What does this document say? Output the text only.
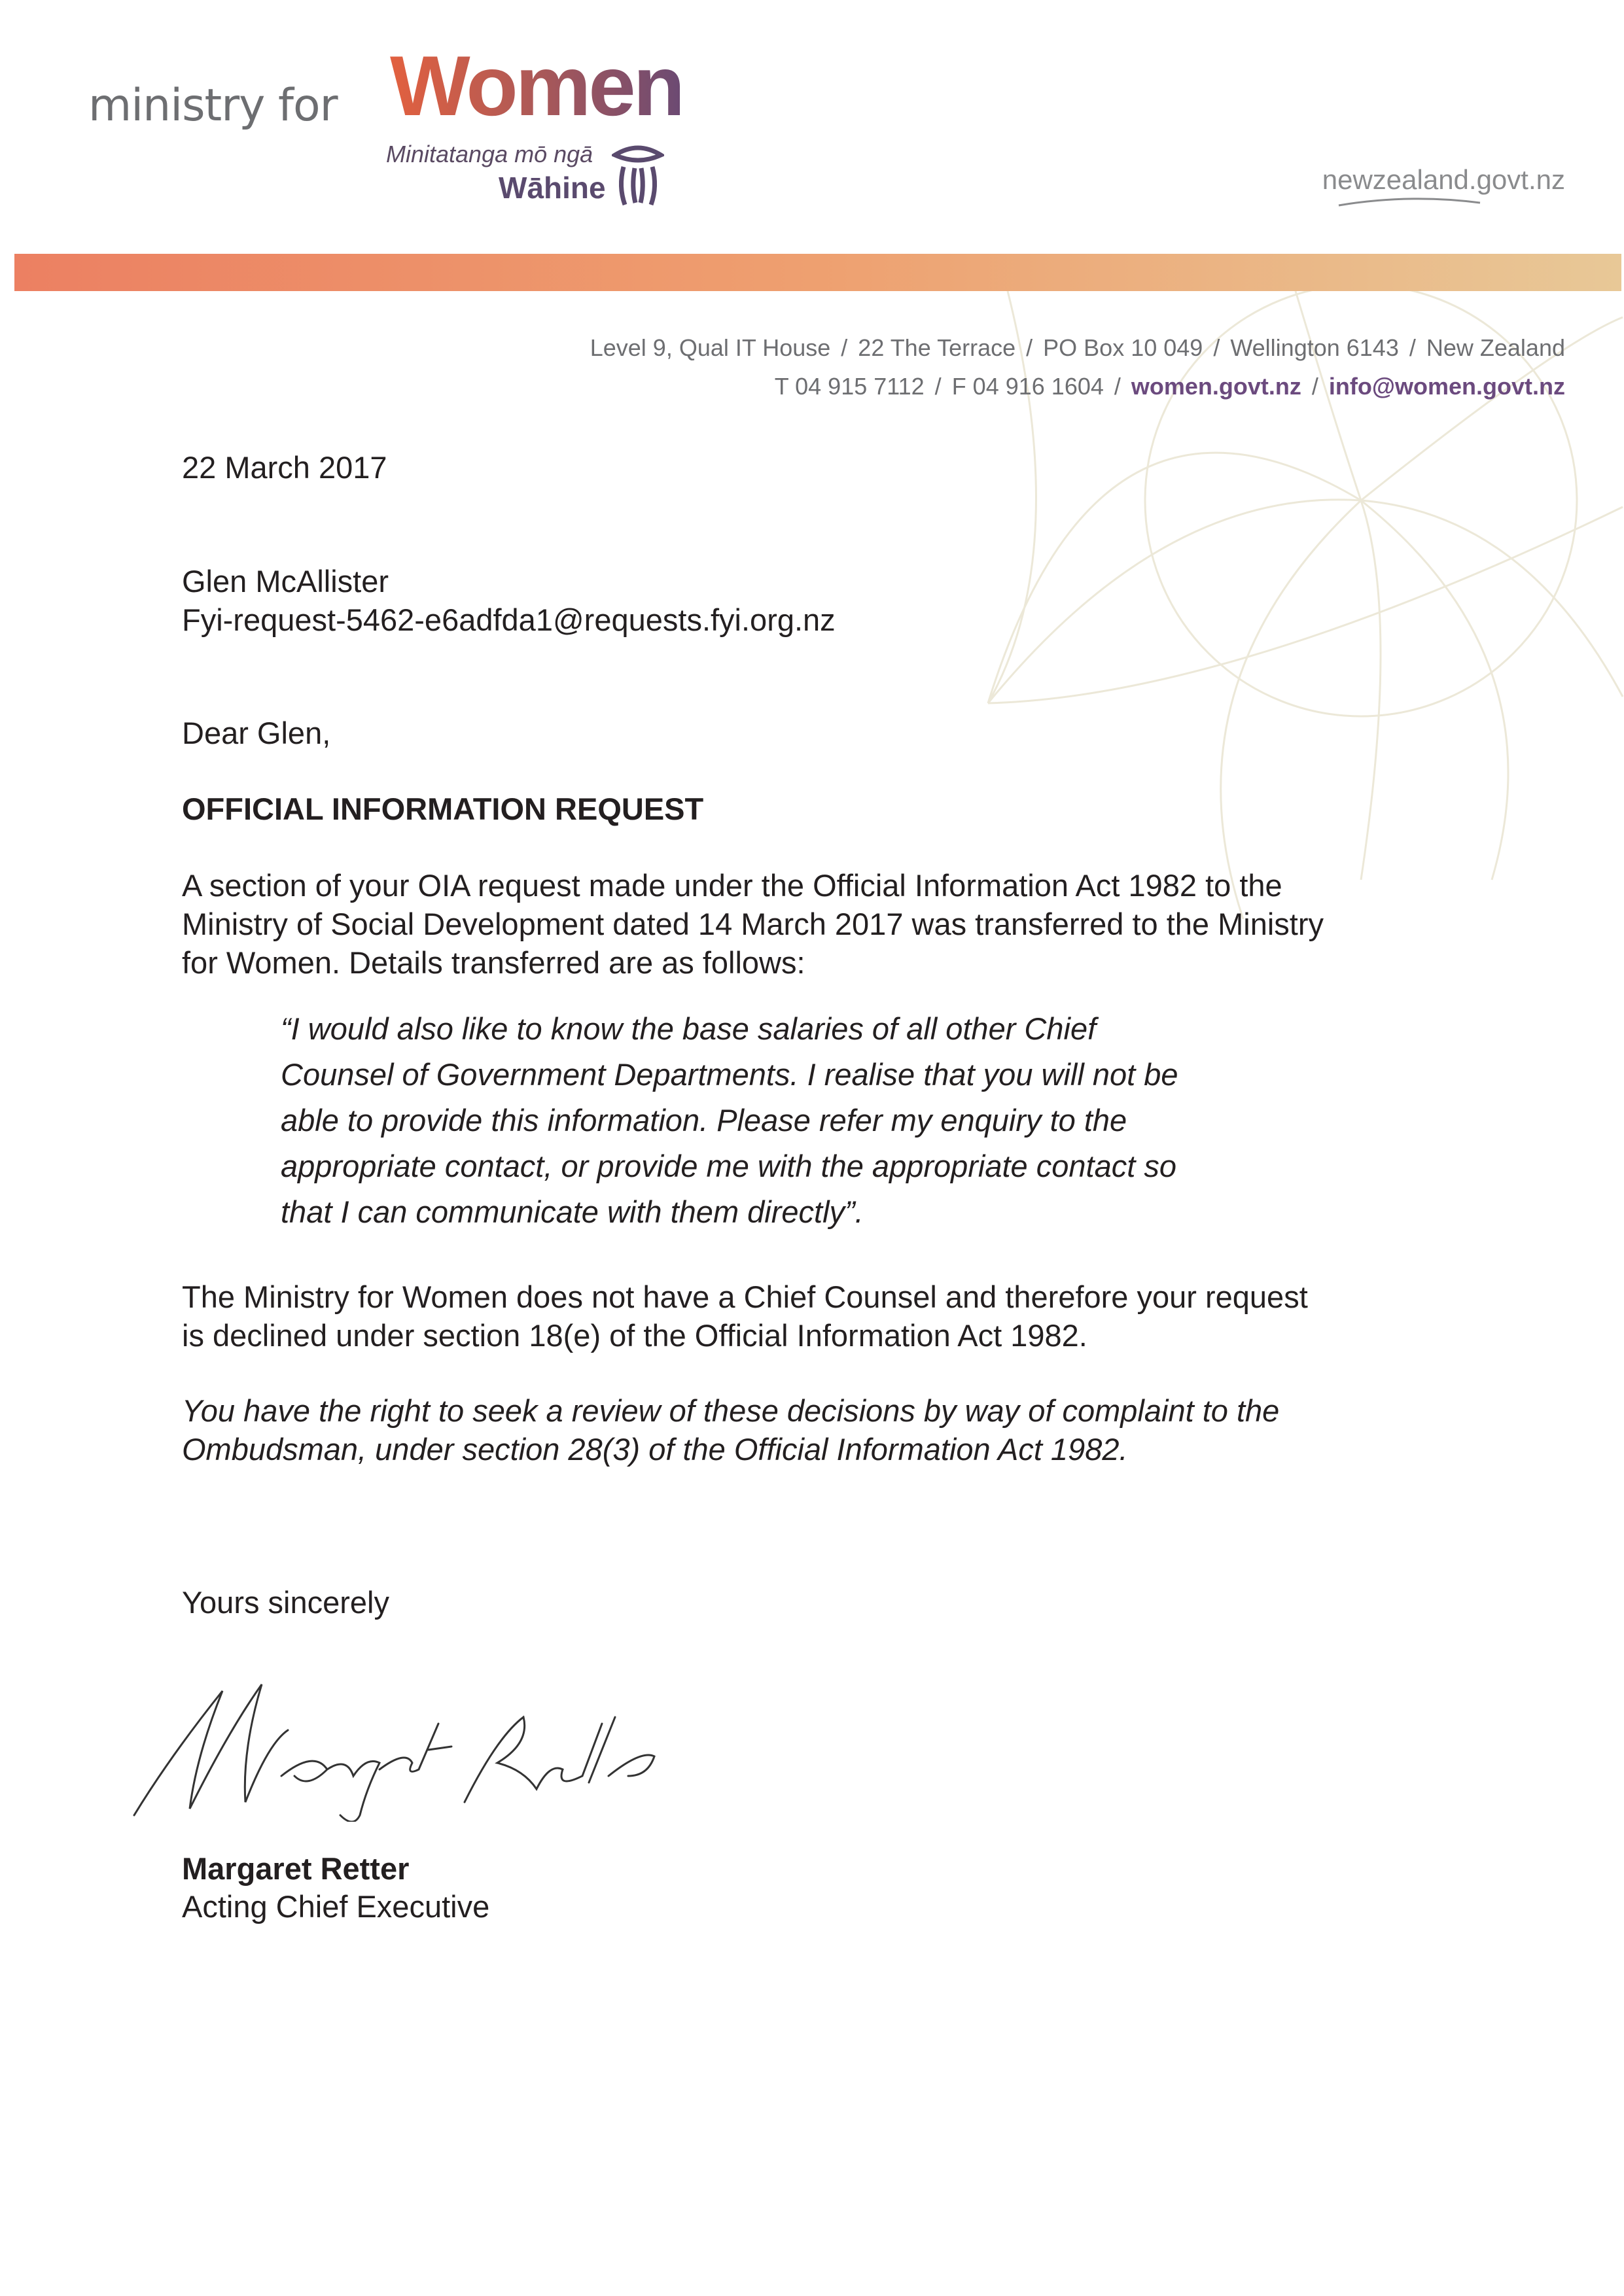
ministry for Women
Minitatanga mō ngā
Wāhine	newzealand.govt.nz
Level 9, Qual IT House / 22 The Terrace / PO Box 10 049 / Wellington 6143 / New Zealand
T 04 915 7112 / F 04 916 1604 / women.govt.nz / info@women.govt.nz
22 March 2017
Glen McAllister
Fyi-request-5462-e6adfda1@requests.fyi.org.nz
Dear Glen,
OFFICIAL INFORMATION REQUEST
A section of your OIA request made under the Official Information Act 1982 to the
Ministry of Social Development dated 14 March 2017 was transferred to the Ministry
for Women. Details transferred are as follows:
“I would also like to know the base salaries of all other Chief
Counsel of Government Departments. I realise that you will not be
able to provide this information. Please refer my enquiry to the
appropriate contact, or provide me with the appropriate contact so
that I can communicate with them directly”.
The Ministry for Women does not have a Chief Counsel and therefore your request
is declined under section 18(e) of the Official Information Act 1982.
You have the right to seek a review of these decisions by way of complaint to the
Ombudsman, under section 28(3) of the Official Information Act 1982.
Yours sincerely
Margaret Retter
Acting Chief Executive
